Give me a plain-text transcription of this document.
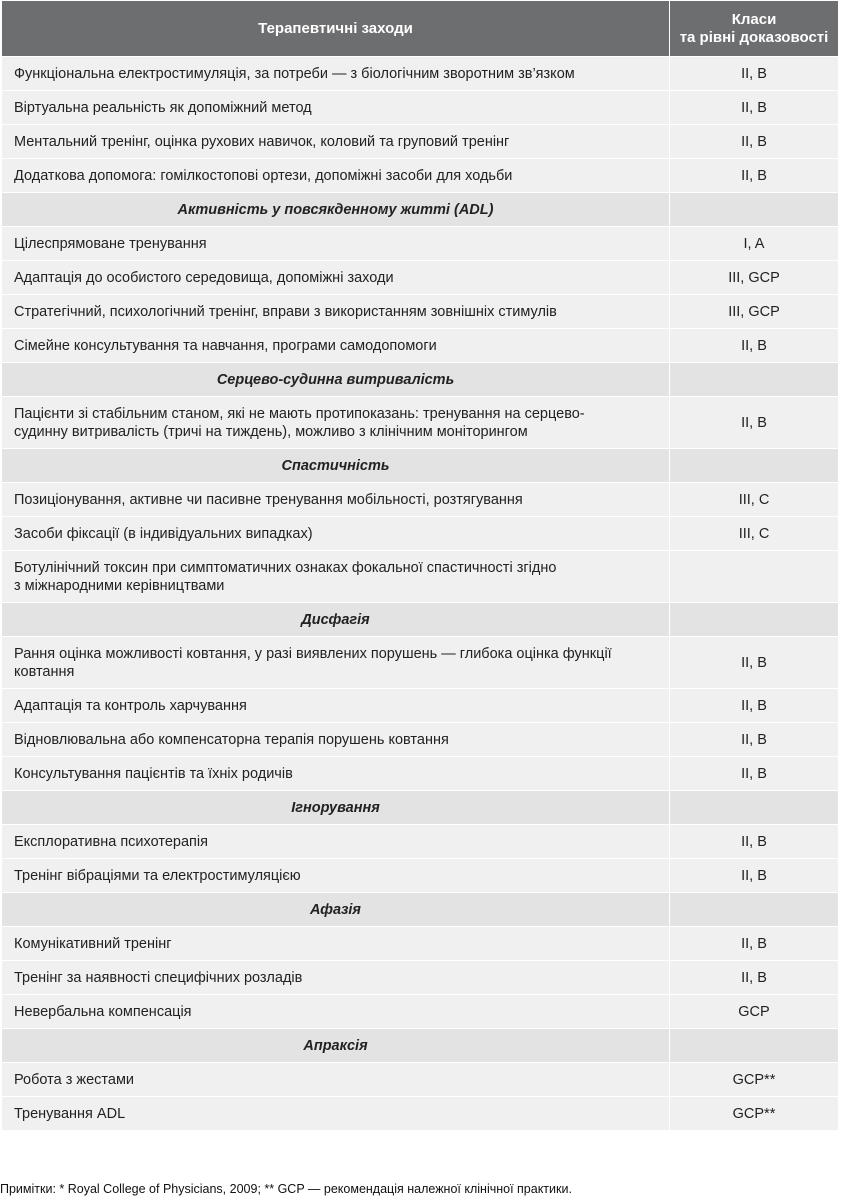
Терапевтичні заходи	Класи
та рівні доказовості
Функціональна електростимуляція, за потреби — з біологічним зворотним зв’язком	II, B
Віртуальна реальність як допоміжний метод	II, B
Ментальний тренінг, оцінка рухових навичок, коловий та груповий тренінг	II, B
Додаткова допомога: гомілкостопові ортези, допоміжні засоби для ходьби	II, B
Активність у повсякденному житті (ADL)	
Цілеспрямоване тренування	I, A
Адаптація до особистого середовища, допоміжні заходи	III, GCP
Стратегічний, психологічний тренінг, вправи з використанням зовнішніх стимулів	III, GCP
Сімейне консультування та навчання, програми самодопомоги	II, B
Серцево-судинна витривалість	
Пацієнти зі стабільним станом, які не мають протипоказань: тренування на серцево-
судинну витривалість (тричі на тиждень), можливо з клінічним моніторингом	II, B
Спастичність	
Позиціонування, активне чи пасивне тренування мобільності, розтягування	III, C
Засоби фіксації (в індивідуальних випадках)	III, C
Ботулінічний токсин при симптоматичних ознаках фокальної спастичності згідно
з міжнародними керівництвами	
Дисфагія	
Рання оцінка можливості ковтання, у разі виявлених порушень — глибока оцінка функції
ковтання	II, B
Адаптація та контроль харчування	II, B
Відновлювальна або компенсаторна терапія порушень ковтання	II, B
Консультування пацієнтів та їхніх родичів	II, B
Ігнорування	
Експлоративна психотерапія	II, B
Тренінг вібраціями та електростимуляцією	II, B
Афазія	
Комунікативний тренінг	II, B
Тренінг за наявності специфічних розладів	II, B
Невербальна компенсація	GCP
Апраксія	
Робота з жестами	GCP**
Тренування ADL	GCP**
Примітки: * Royal College of Physicians, 2009; ** GCP — рекомендація належної клінічної практики.
